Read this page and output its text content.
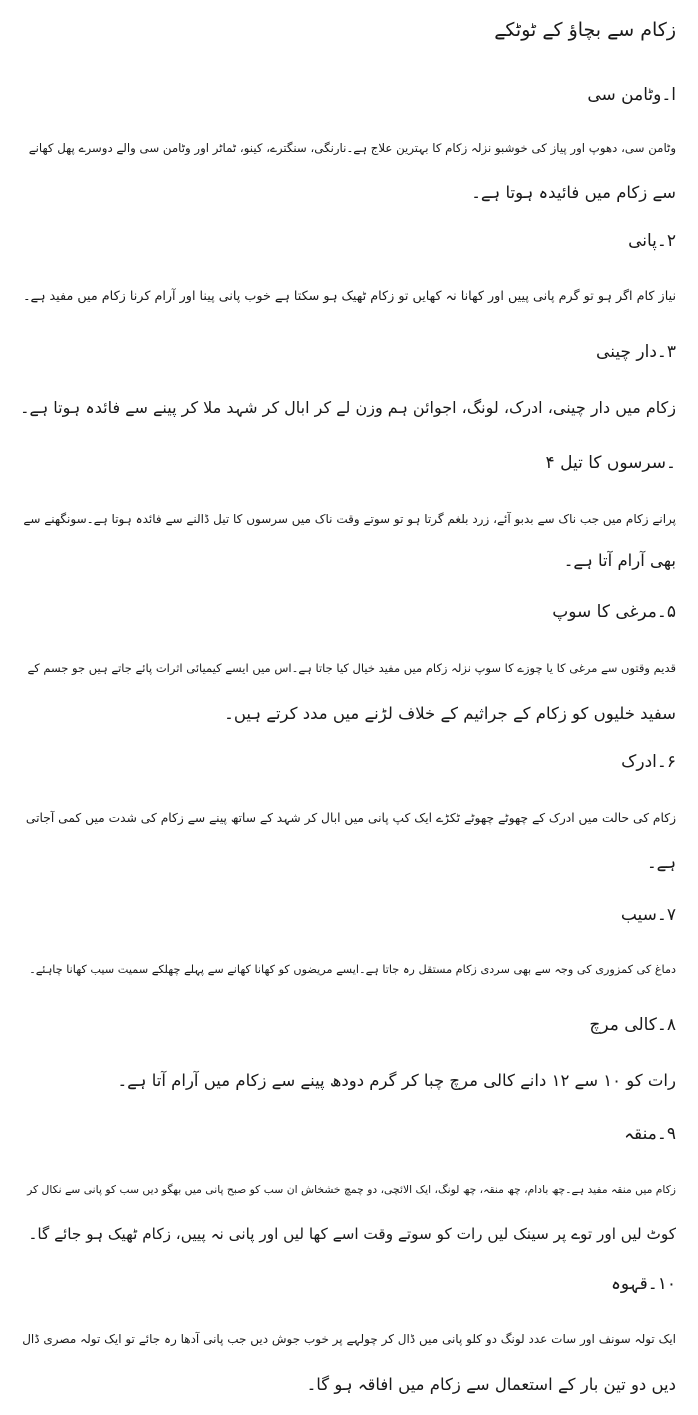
زکام سے بچاؤ کے ٹوٹکے
ا۔وٹامن سی
وٹامن سی، دھوپ اور پیاز کی خوشبو نزلہ زکام کا بہترین علاج ہے۔نارنگی، سنگترے، کینو، ٹماٹر اور وٹامن سی والے دوسرے پھل کھانے
سے زکام میں فائیدہ ہوتا ہے۔
۲۔پانی
نیاز کام اگر ہو تو گرم پانی پییں اور کھانا نہ کھایں تو زکام ٹھیک ہو سکتا ہے خوب پانی پینا اور آرام کرنا زکام میں مفید ہے۔
۳۔دار چینی
زکام میں دار چینی، ادرک، لونگ، اجوائن ہم وزن لے کر ابال کر شہد ملا کر پینے سے فائدہ ہوتا ہے۔
۔سرسوں کا تیل ۴
پرانے زکام میں جب ناک سے بدبو آئے، زرد بلغم گرتا ہو تو سوتے وقت ناک میں سرسوں کا تیل ڈالنے سے فائدہ ہوتا ہے۔سونگھنے سے
بھی آرام آتا ہے۔
۵۔مرغی کا سوپ
قدیم وقتوں سے مرغی کا یا چوزے کا سوپ نزلہ زکام میں مفید خیال کیا جاتا ہے۔اس میں ایسے کیمیائی اثرات پائے جاتے ہیں جو جسم کے
سفید خلیوں کو زکام کے جراثیم کے خلاف لڑنے میں مدد کرتے ہیں۔
۶۔ادرک
زکام کی حالت میں ادرک کے چھوٹے چھوٹے ٹکڑے ایک کپ پانی میں ابال کر شہد کے ساتھ پینے سے زکام کی شدت میں کمی آجاتی
ہے۔
۷۔سیب
دماغ کی کمزوری کی وجہ سے بھی سردی زکام مستقل رہ جاتا ہے۔ایسے مریضوں کو کھانا کھانے سے پہلے چھلکے سمیت سیب کھانا چاہئے۔
۸۔کالی مرچ
رات کو ۱۰ سے ۱۲ دانے کالی مرچ چبا کر گرم دودھ پینے سے زکام میں آرام آتا ہے۔
۹۔منقہ
زکام میں منقہ مفید ہے۔چھ بادام، چھ منقہ، چھ لونگ، ایک الائچی، دو چمچ خشخاش ان سب کو صبح پانی میں بھگو دیں سب کو پانی سے نکال کر
کوٹ لیں اور توے پر سینک لیں رات کو سوتے وقت اسے کھا لیں اور پانی نہ پییں، زکام ٹھیک ہو جائے گا۔
۱۰۔قہوہ
ایک تولہ سونف اور سات عدد لونگ دو کلو پانی میں ڈال کر چولہے پر خوب جوش دیں جب پانی آدھا رہ جائے تو ایک تولہ مصری ڈال
دیں دو تین بار کے استعمال سے زکام میں افاقہ ہو گا۔
